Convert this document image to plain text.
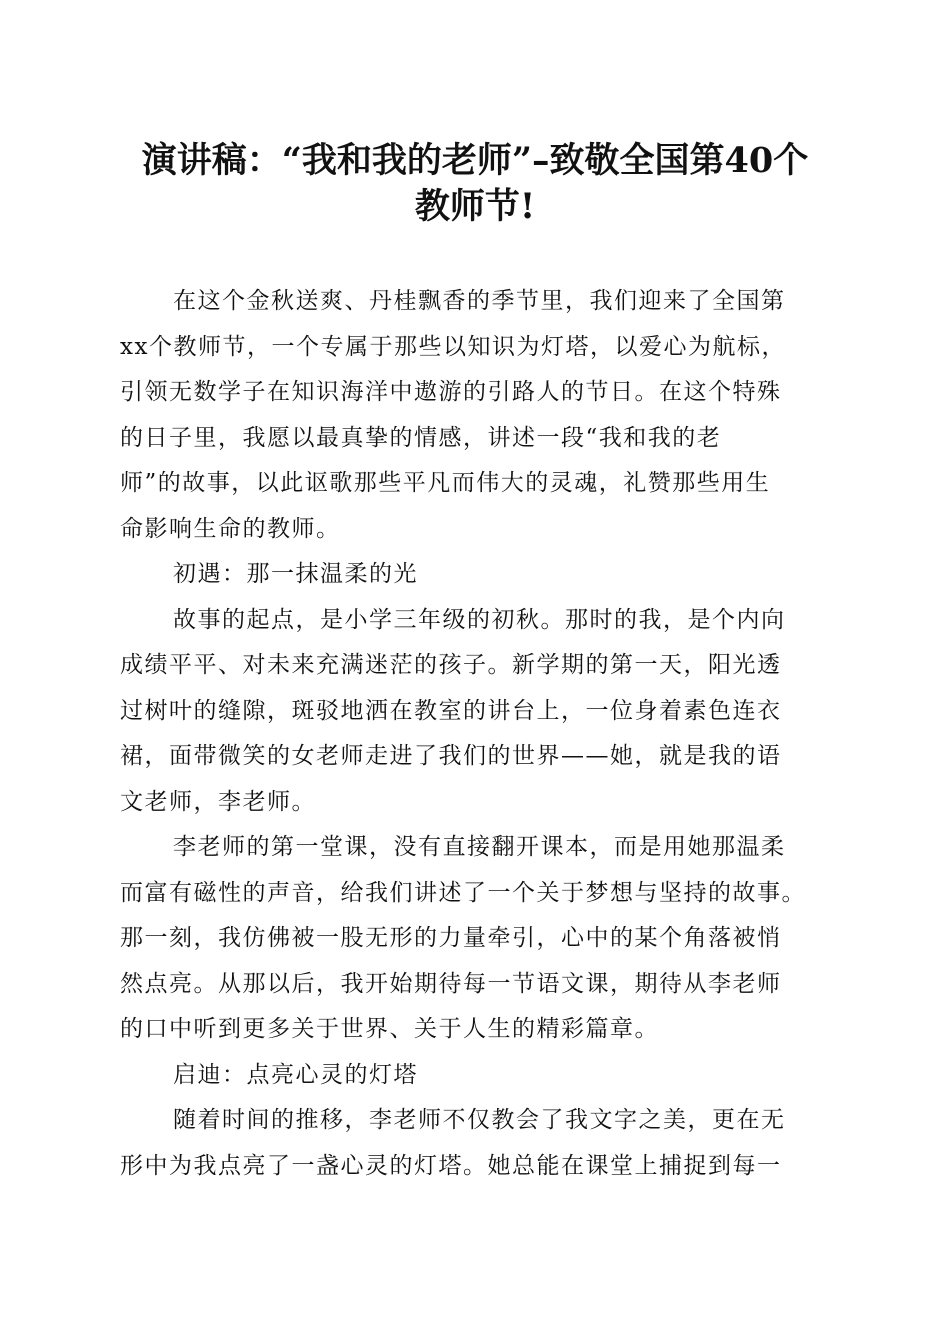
演讲稿：“我和我的老师”–致敬全国第40个
教师节!
在这个金秋送爽、丹桂飘香的季节里，我们迎来了全国第
xx个教师节，一个专属于那些以知识为灯塔，以爱心为航标，
引领无数学子在知识海洋中遨游的引路人的节日。在这个特殊
的日子里，我愿以最真挚的情感，讲述一段“我和我的老
师”的故事，以此讴歌那些平凡而伟大的灵魂，礼赞那些用生
命影响生命的教师。
初遇：那一抹温柔的光
故事的起点，是小学三年级的初秋。那时的我，是个内向
成绩平平、对未来充满迷茫的孩子。新学期的第一天，阳光透
过树叶的缝隙，斑驳地洒在教室的讲台上，一位身着素色连衣
裙，面带微笑的女老师走进了我们的世界——她，就是我的语
文老师，李老师。
李老师的第一堂课，没有直接翻开课本，而是用她那温柔
而富有磁性的声音，给我们讲述了一个关于梦想与坚持的故事。
那一刻，我仿佛被一股无形的力量牵引，心中的某个角落被悄
然点亮。从那以后，我开始期待每一节语文课，期待从李老师
的口中听到更多关于世界、关于人生的精彩篇章。
启迪：点亮心灵的灯塔
随着时间的推移，李老师不仅教会了我文字之美，更在无
形中为我点亮了一盏心灵的灯塔。她总能在课堂上捕捉到每一
